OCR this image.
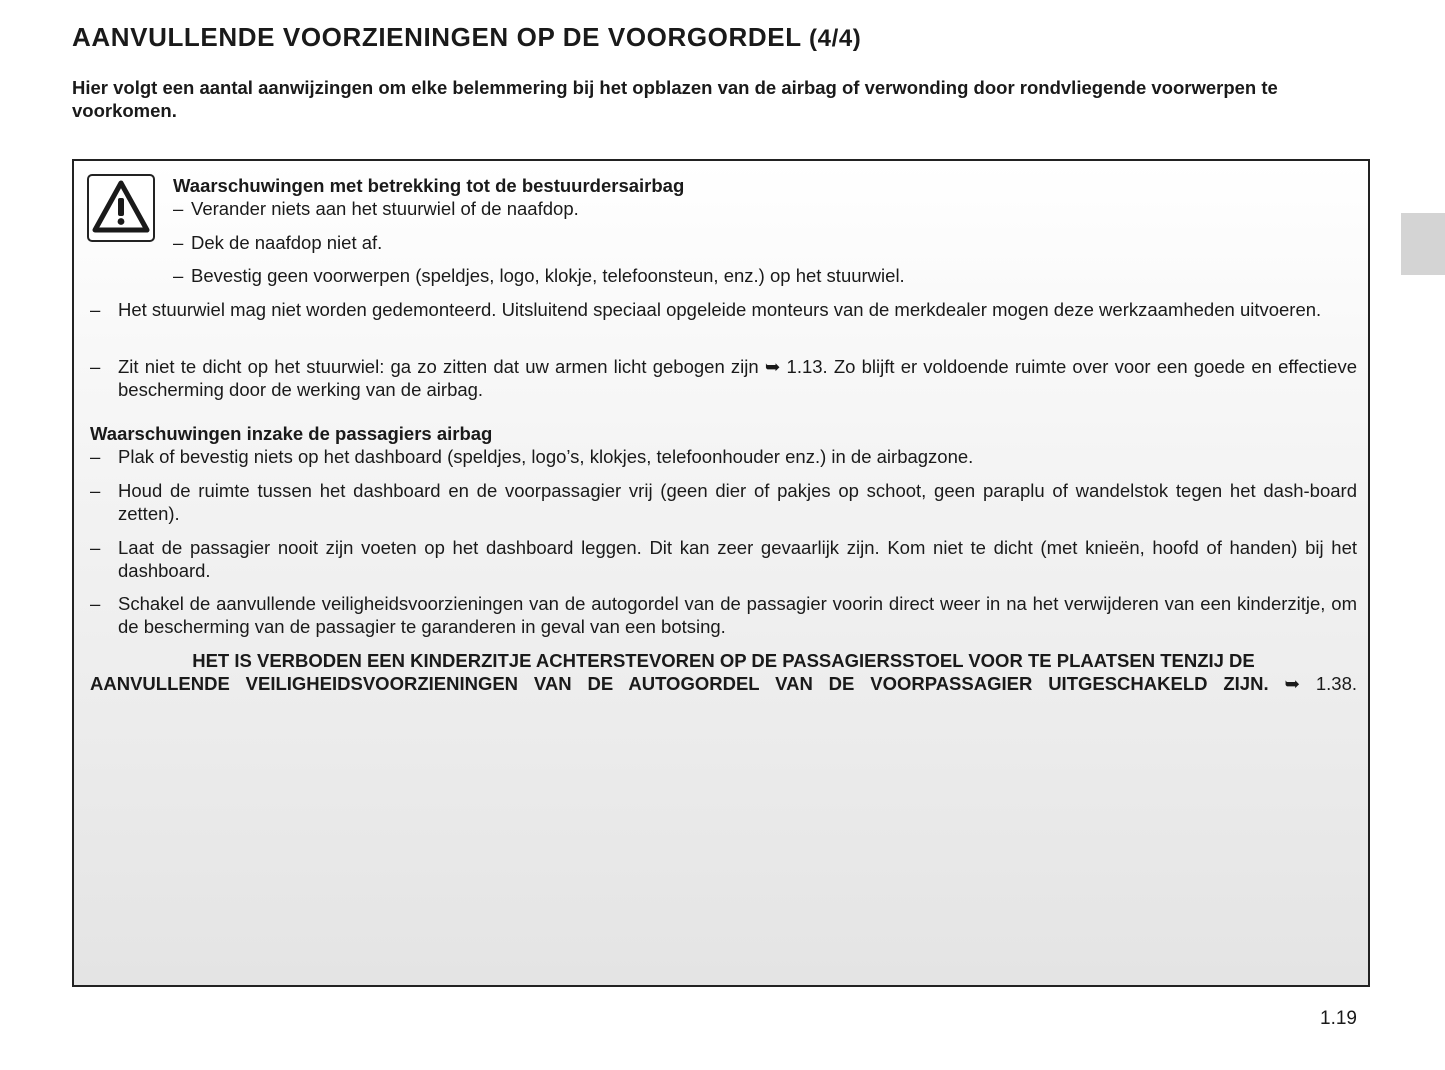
AANVULLENDE VOORZIENINGEN OP DE VOORGORDEL (4/4)
Hier volgt een aantal aanwijzingen om elke belemmering bij het opblazen van de airbag of verwonding door rondvliegende voorwerpen te voorkomen.
Waarschuwingen met betrekking tot de bestuurdersairbag
– Verander niets aan het stuurwiel of de naafdop.
– Dek de naafdop niet af.
– Bevestig geen voorwerpen (speldjes, logo, klokje, telefoonsteun, enz.) op het stuurwiel.
– Het stuurwiel mag niet worden gedemonteerd. Uitsluitend speciaal opgeleide monteurs van de merkdealer mogen deze werkzaamheden uitvoeren.
– Zit niet te dicht op het stuurwiel: ga zo zitten dat uw armen licht gebogen zijn ➥ 1.13. Zo blijft er voldoende ruimte over voor een goede en effectieve bescherming door de werking van de airbag.
Waarschuwingen inzake de passagiers airbag
– Plak of bevestig niets op het dashboard (speldjes, logo’s, klokjes, telefoonhouder enz.) in de airbagzone.
– Houd de ruimte tussen het dashboard en de voorpassagier vrij (geen dier of pakjes op schoot, geen paraplu of wandelstok tegen het dash-board zetten).
– Laat de passagier nooit zijn voeten op het dashboard leggen. Dit kan zeer gevaarlijk zijn. Kom niet te dicht (met knieën, hoofd of handen) bij het dashboard.
– Schakel de aanvullende veiligheidsvoorzieningen van de autogordel van de passagier voorin direct weer in na het verwijderen van een kinderzitje, om de bescherming van de passagier te garanderen in geval van een botsing.
HET IS VERBODEN EEN KINDERZITJE ACHTERSTEVOREN OP DE PASSAGIERSSTOEL VOOR TE PLAATSEN TENZIJ DE
AANVULLENDE VEILIGHEIDSVOORZIENINGEN VAN DE AUTOGORDEL VAN DE VOORPASSAGIER UITGESCHAKELD ZIJN. ➥ 1.38.
1.19
